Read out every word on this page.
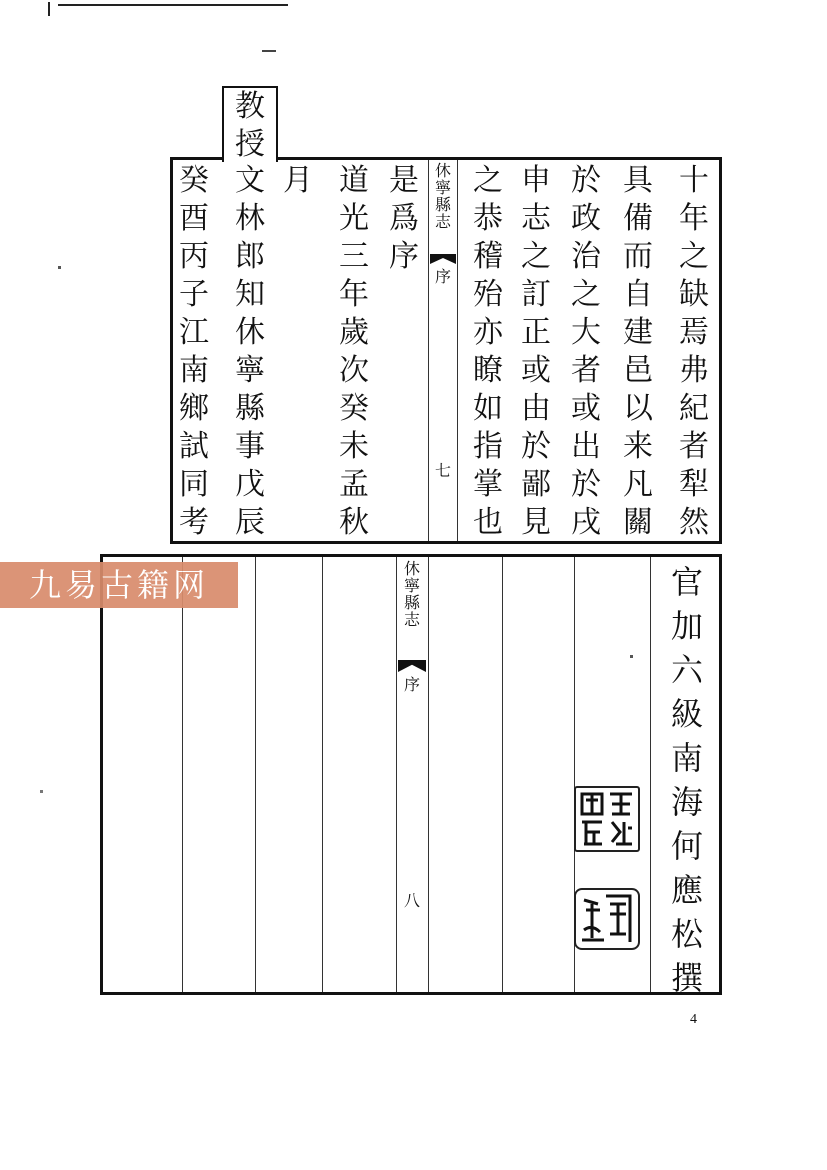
教
授
十
年
之
缺
焉
弗
紀
者
犁
然
具
備
而
自
建
邑
以
来
凡
關
於
政
治
之
大
者
或
出
於
戌
申
志
之
訂
正
或
由
於
鄙
見
之
恭
稽
殆
亦
瞭
如
指
掌
也
是
爲
序
道
光
三
年
歲
次
癸
未
孟
秋
月
文
林
郎
知
休
寧
縣
事
戊
辰
癸
酉
丙
子
江
南
鄉
試
同
考
休
寧
縣
志
序
七
休
寧
縣
志
序
八
官
加
六
級
南
海
何
應
松
撰
九易古籍网
4
